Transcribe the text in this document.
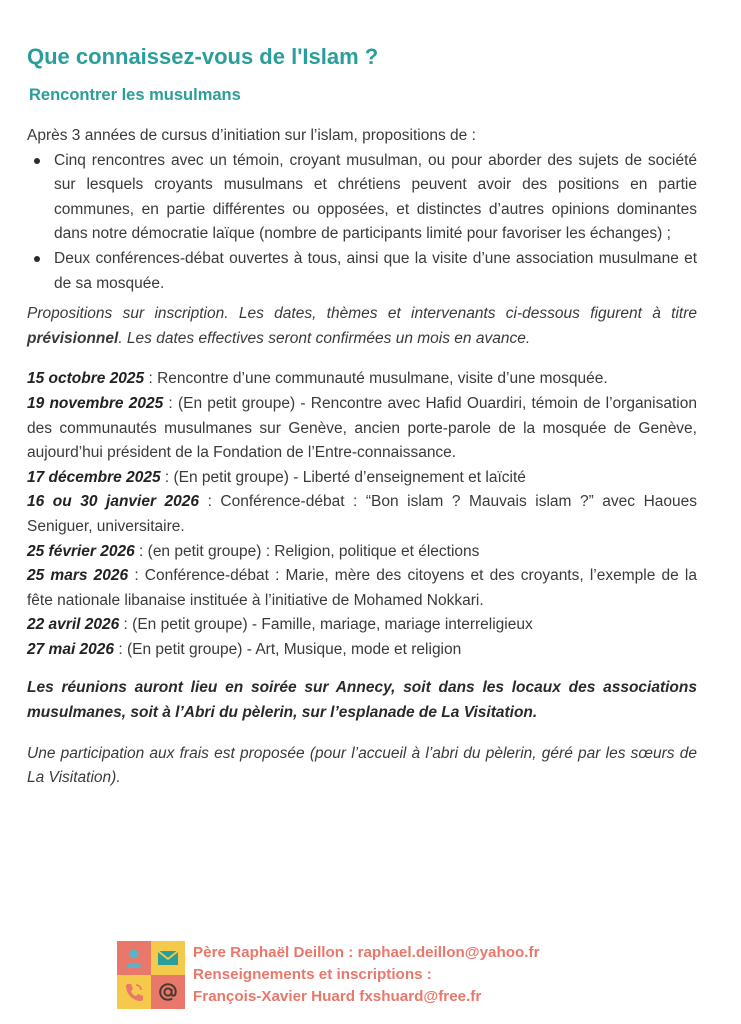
Que connaissez-vous de l'Islam ?
Rencontrer les musulmans

Après 3 années de cursus d’initiation sur l’islam, propositions de :

Cinq rencontres avec un témoin, croyant musulman, ou pour aborder des sujets de société sur lesquels croyants musulmans et chrétiens peuvent avoir des positions en partie communes, en partie différentes ou opposées, et distinctes d’autres opinions dominantes dans notre démocratie laïque (nombre de participants limité pour favoriser les échanges) ;
Deux conférences-débat ouvertes à tous, ainsi que la visite d’une association musulmane et de sa mosquée.

Propositions sur inscription. Les dates, thèmes et intervenants ci-dessous figurent à titre prévisionnel. Les dates effectives seront confirmées un mois en avance.

15 octobre 2025 : Rencontre d’une communauté musulmane, visite d’une mosquée.

19 novembre 2025 : (En petit groupe) - Rencontre avec Hafid Ouardiri, témoin de l’organisation des communautés musulmanes sur Genève, ancien porte-parole de la mosquée de Genève, aujourd’hui président de la Fondation de l’Entre-connaissance.

17 décembre 2025 : (En petit groupe) - Liberté d’enseignement et laïcité

16 ou 30 janvier 2026 : Conférence-débat : “Bon islam ? Mauvais islam ?” avec Haoues Seniguer, universitaire.

25 février 2026 : (en petit groupe) : Religion, politique et élections

25 mars 2026 : Conférence-débat : Marie, mère des citoyens et des croyants, l’exemple de la fête nationale libanaise instituée à l’initiative de Mohamed Nokkari.

22 avril 2026 : (En petit groupe) - Famille, mariage, mariage interreligieux

27 mai 2026 : (En petit groupe) - Art, Musique, mode et religion

Les réunions auront lieu en soirée sur Annecy, soit dans les locaux des associations musulmanes, soit à l’Abri du pèlerin, sur l’esplanade de La Visitation.

Une participation aux frais est proposée (pour l’accueil à l’abri du pèlerin, géré par les sœurs de La Visitation).

Père Raphaël Deillon : raphael.deillon@yahoo.fr

Renseignements et inscriptions :

François-Xavier Huard fxshuard@free.fr
